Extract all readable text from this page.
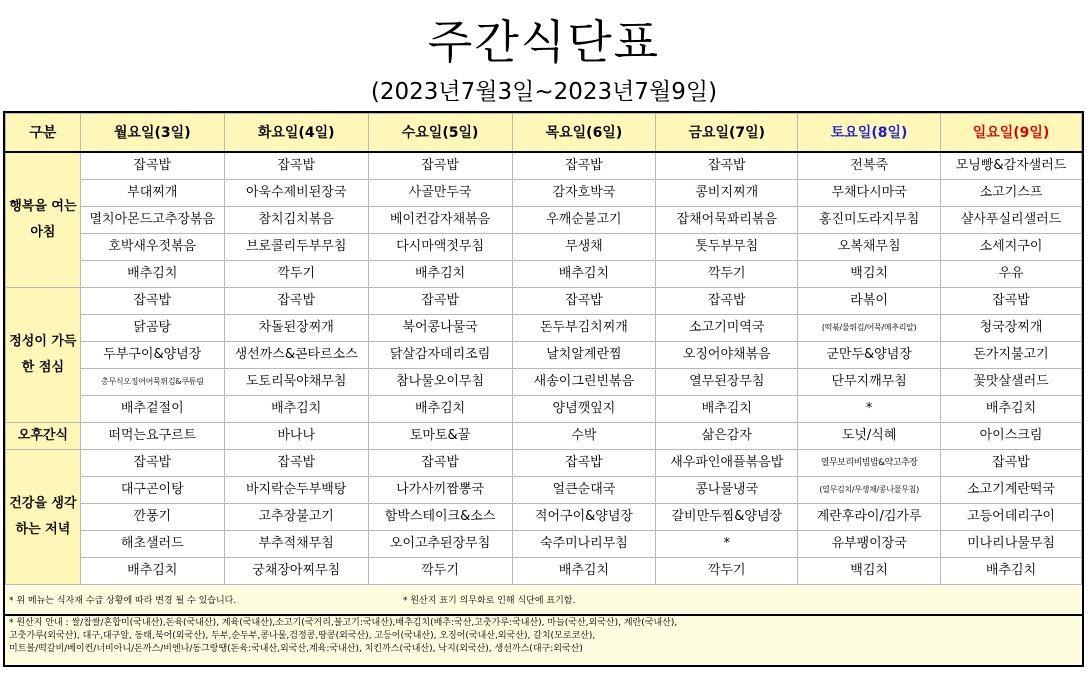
주간식단표
(2023년7월3일~2023년7월9일)
구분	월요일(3일)	화요일(4일)	수요일(5일)	목요일(6일)	금요일(7일)	토요일(8일)	일요일(9일)
행복을 여는 아침	잡곡밥	잡곡밥	잡곡밥	잡곡밥	잡곡밥	전복죽	모닝빵&감자샐러드
	부대찌개	아욱수제비된장국	사골만두국	감자호박국	콩비지찌개	무채다시마국	소고기스프
	멸치아몬드고추장볶음	참치김치볶음	베이컨감자채볶음	우깨순불고기	잡채어묵꽈리볶음	홍진미도라지무침	샬사푸실리샐러드
	호박새우젓볶음	브로콜리두부무침	다시마액젓무침	무생채	톳두부무침	오복채무침	소세지구이
	배추김치	깍두기	배추김치	배추김치	깍두기	백김치	우유
정성이 가득한 점심	잡곡밥	잡곡밥	잡곡밥	잡곡밥	잡곡밥	라볶이	잡곡밥
	닭곰탕	차돌된장찌개	북어콩나물국	돈두부김치찌개	소고기미역국	(떡볶/물튀김/어묵/메추리알)	청국장찌개
	두부구이&양념장	생선까스&콘타르소스	닭살감자데리조림	날치알계란찜	오징어야채볶음	군만두&양념장	돈가지불고기
	총무식오징어어묵튀김&쿠튜림	도토리묵야채무침	참나물오이무침	새송이그린빈볶음	열무된장무침	단무지깨무침	꽃맛살샐러드
	배추겉절이	배추김치	배추김치	양념깻잎지	배추김치	*	배추김치
오후간식	떠먹는요구르트	바나나	토마토&꿀	수박	삶은감자	도넛/식혜	아이스크림
건강을 생각하는 저녁	잡곡밥	잡곡밥	잡곡밥	잡곡밥	새우파인애플볶음밥	열무보리비빔밥&약고추장	잡곡밥
	대구곤이탕	바지락순두부백탕	나가사끼짬뽕국	얼큰순대국	콩나물냉국	(열무김치/무생채/콩나물무침)	소고기계란떡국
	깐풍기	고추장불고기	함박스테이크&소스	적어구이&양념장	갈비만두찜&양념장	계란후라이/김가루	고등어데리구이
	해초샐러드	부추적채무침	오이고추된장무침	숙주미나리무침	*	유부팽이장국	미나리나물무침
	배추김치	궁채장아찌무침	깍두기	배추김치	깍두기	백김치	배추김치
* 위 메뉴는 식자재 수급 상황에 따라 변경 될 수 있습니다.	* 원산지 표기 의무화로 인해 식단에 표기함.
* 원산지 안내 : 쌀/찹쌀/혼합미(국내산),돈육(국내산), 계육(국내산),소고기(국거리,불고기:국내산),배추김치(배추:국산,고춧가루:국내산), 마늘(국산,외국산), 계란(국내산),
고춧가루(외국산), 대구,대구알, 동태,북어(외국산), 두부,순두부,콩나물,검정콩,땅콩(외국산), 고등어(국내산), 오징어(국내산,외국산), 갈치(모로코산),
미트볼/떡갈비/베이컨/너비아니/돈까스/비엔나/동그랑땡(돈육:국내산,외국산,계육:국내산), 치킨까스(국내산), 낙지(외국산), 생선까스(대구:외국산)
